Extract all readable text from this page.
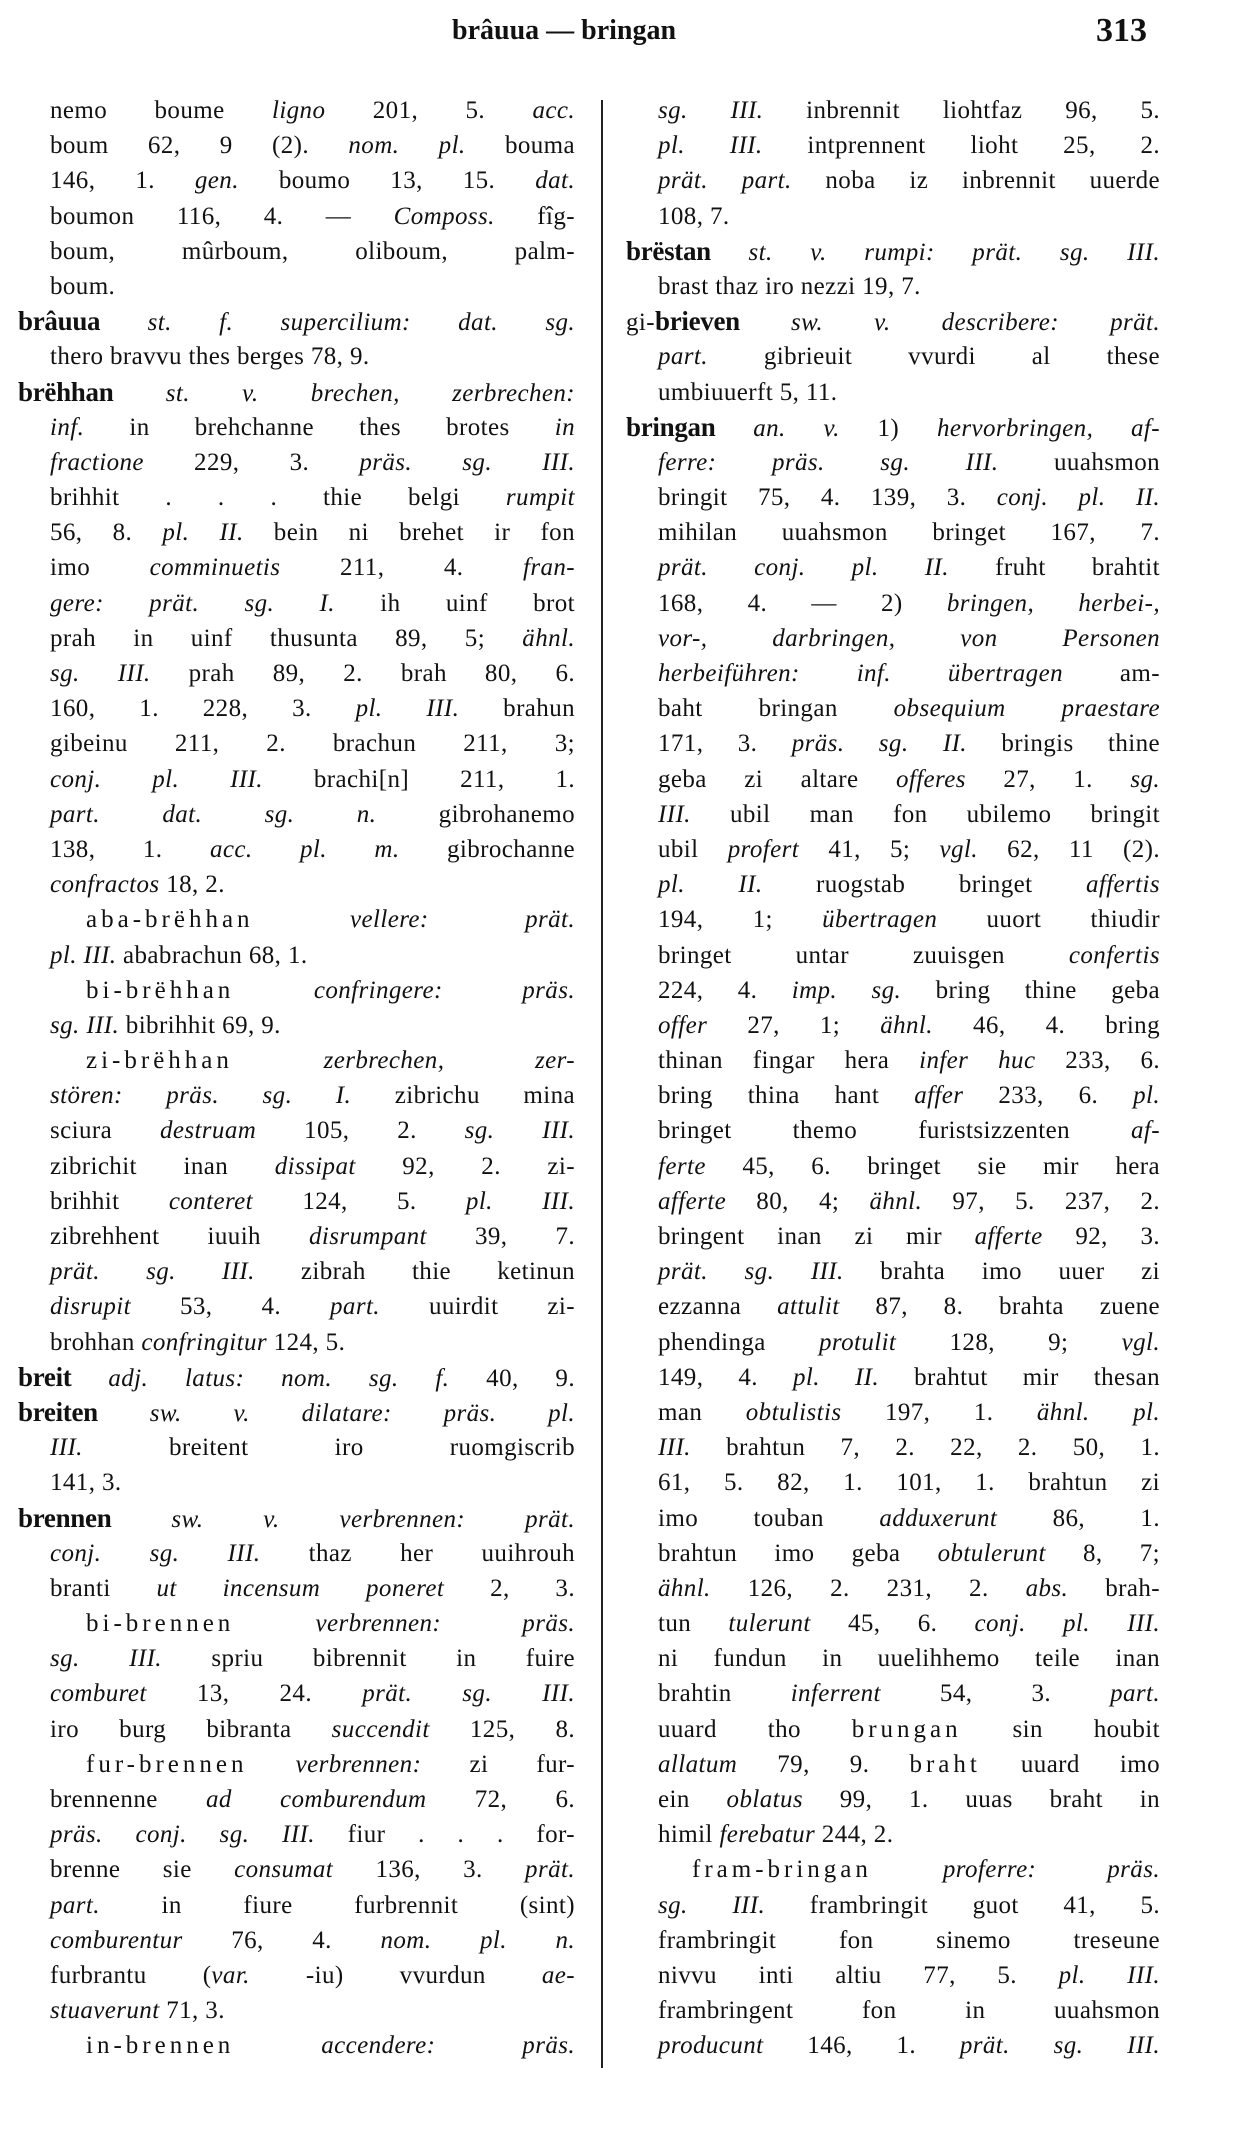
brâuua — bringan	313
nemo boume ligno 201, 5. acc.
boum 62, 9 (2). nom. pl. bouma
146, 1. gen. boumo 13, 15. dat.
boumon 116, 4. — Composs. fîg-
boum, mûrboum, oliboum, palm-
boum.
brâuua st. f. supercilium: dat. sg.
thero bravvu thes berges 78, 9.
brëhhan st. v. brechen, zerbrechen:
inf. in brehchanne thes brotes in
fractione 229, 3. präs. sg. III.
brihhit . . . thie belgi rumpit
56, 8. pl. II. bein ni brehet ir fon
imo comminuetis 211, 4. fran-
gere: prät. sg. I. ih uinf brot
prah in uinf thusunta 89, 5; ähnl.
sg. III. prah 89, 2. brah 80, 6.
160, 1. 228, 3. pl. III. brahun
gibeinu 211, 2. brachun 211, 3;
conj. pl. III. brachi[n] 211, 1.
part. dat. sg. n. gibrohanemo
138, 1. acc. pl. m. gibrochanne
confractos 18, 2.
aba-brëhhan	vellere: prät.
pl. III. ababrachun 68, 1.
bi-brëhhan	confringere: präs.
sg. III. bibrihhit 69, 9.
zi-brëhhan	zerbrechen, zer-
stören: präs. sg. I. zibrichu mina
sciura destruam 105, 2. sg. III.
zibrichit inan dissipat 92, 2. zi-
brihhit conteret 124, 5. pl. III.
zibrehhent iuuih disrumpant 39, 7.
prät. sg. III. zibrah thie ketinun
disrupit 53, 4. part. uuirdit zi-
brohhan confringitur 124, 5.
breit adj. latus: nom. sg. f. 40, 9.
breiten sw. v. dilatare: präs. pl.
III. breitent iro ruomgiscrib
141, 3.
brennen sw. v. verbrennen: prät.
conj. sg. III. thaz her uuihrouh
branti ut incensum poneret 2, 3.
bi-brennen	verbrennen: präs.
sg. III. spriu bibrennit in fuire
comburet 13, 24. prät. sg. III.
iro burg bibranta succendit 125, 8.
fur-brennen verbrennen: zi fur-
brennenne ad comburendum 72, 6.
präs. conj. sg. III. fiur . . . for-
brenne sie consumat 136, 3. prät.
part. in fiure furbrennit (sint)
comburentur 76, 4. nom. pl. n.
furbrantu (var. -iu) vvurdun ae-
stuaverunt 71, 3.
in-brennen	accendere: präs.
sg. III. inbrennit liohtfaz 96, 5.
pl. III. intprennent lioht 25, 2.
prät. part. noba iz inbrennit uuerde
108, 7.
brëstan st. v. rumpi: prät. sg. III.
brast thaz iro nezzi 19, 7.
gi-brieven sw. v. describere: prät.
part. gibrieuit vvurdi al these
umbiuuerft 5, 11.
bringan an. v. 1) hervorbringen, af-
ferre: präs. sg. III. uuahsmon
bringit 75, 4. 139, 3. conj. pl. II.
mihilan uuahsmon bringet 167, 7.
prät. conj. pl. II. fruht brahtit
168, 4. — 2) bringen, herbei-,
vor-, darbringen, von Personen
herbeiführen: inf. übertragen am-
baht bringan obsequium praestare
171, 3. präs. sg. II. bringis thine
geba zi altare offeres 27, 1. sg.
III. ubil man fon ubilemo bringit
ubil profert 41, 5; vgl. 62, 11 (2).
pl. II. ruogstab bringet affertis
194, 1; übertragen uuort thiudir
bringet untar zuuisgen confertis
224, 4. imp. sg. bring thine geba
offer 27, 1; ähnl. 46, 4. bring
thinan fingar hera infer huc 233, 6.
bring thina hant affer 233, 6. pl.
bringet themo furistsizzenten af-
ferte 45, 6. bringet sie mir hera
afferte 80, 4; ähnl. 97, 5. 237, 2.
bringent inan zi mir afferte 92, 3.
prät. sg. III. brahta imo uuer zi
ezzanna attulit 87, 8. brahta zuene
phendinga protulit 128, 9; vgl.
149, 4. pl. II. brahtut mir thesan
man obtulistis 197, 1. ähnl. pl.
III. brahtun 7, 2. 22, 2. 50, 1.
61, 5. 82, 1. 101, 1. brahtun zi
imo touban adduxerunt 86, 1.
brahtun imo geba obtulerunt 8, 7;
ähnl. 126, 2. 231, 2. abs. brah-
tun tulerunt 45, 6. conj. pl. III.
ni fundun in uuelihhemo teile inan
brahtin inferrent 54, 3. part.
uuard tho brungan sin houbit
allatum 79, 9. braht uuard imo
ein oblatus 99, 1. uuas braht in
himil ferebatur 244, 2.
fram-bringan	proferre: präs.
sg. III. frambringit guot 41, 5.
frambringit fon sinemo treseune
nivvu inti altiu 77, 5. pl. III.
frambringent fon in uuahsmon
producunt 146, 1. prät. sg. III.
